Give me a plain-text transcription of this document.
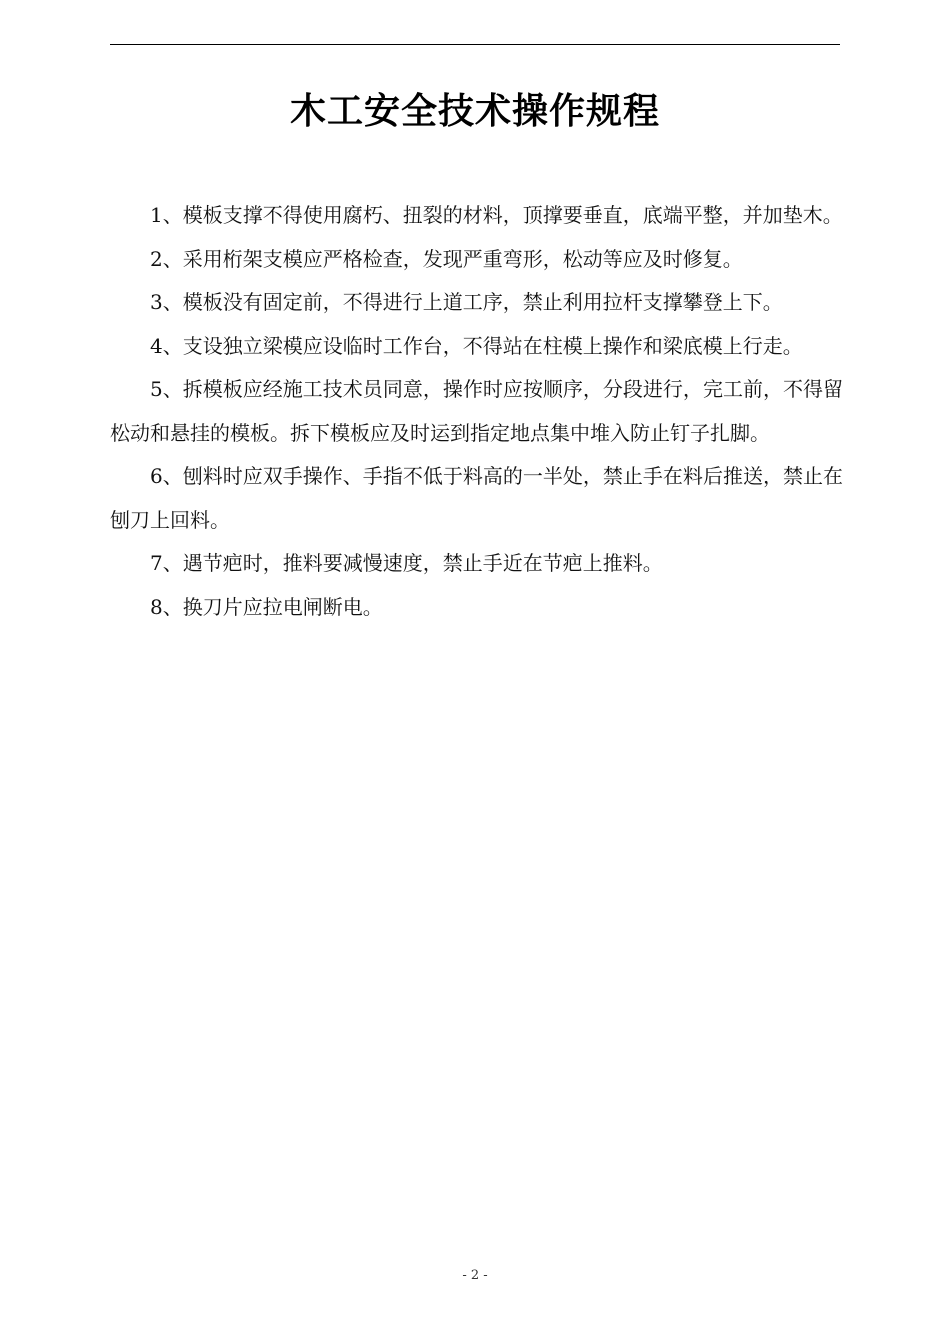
木工安全技术操作规程

1、模板支撑不得使用腐朽、扭裂的材料，顶撑要垂直，底端平整，并加垫木。

2、采用桁架支模应严格检查，发现严重弯形，松动等应及时修复。

3、模板没有固定前，不得进行上道工序，禁止利用拉杆支撑攀登上下。

4、支设独立梁模应设临时工作台，不得站在柱模上操作和梁底模上行走。

5、拆模板应经施工技术员同意，操作时应按顺序，分段进行，完工前，不得留松动和悬挂的模板。拆下模板应及时运到指定地点集中堆入防止钉子扎脚。

6、刨料时应双手操作、手指不低于料高的一半处，禁止手在料后推送，禁止在刨刀上回料。

7、遇节疤时，推料要减慢速度，禁止手近在节疤上推料。

8、换刀片应拉电闸断电。

- 2 -
